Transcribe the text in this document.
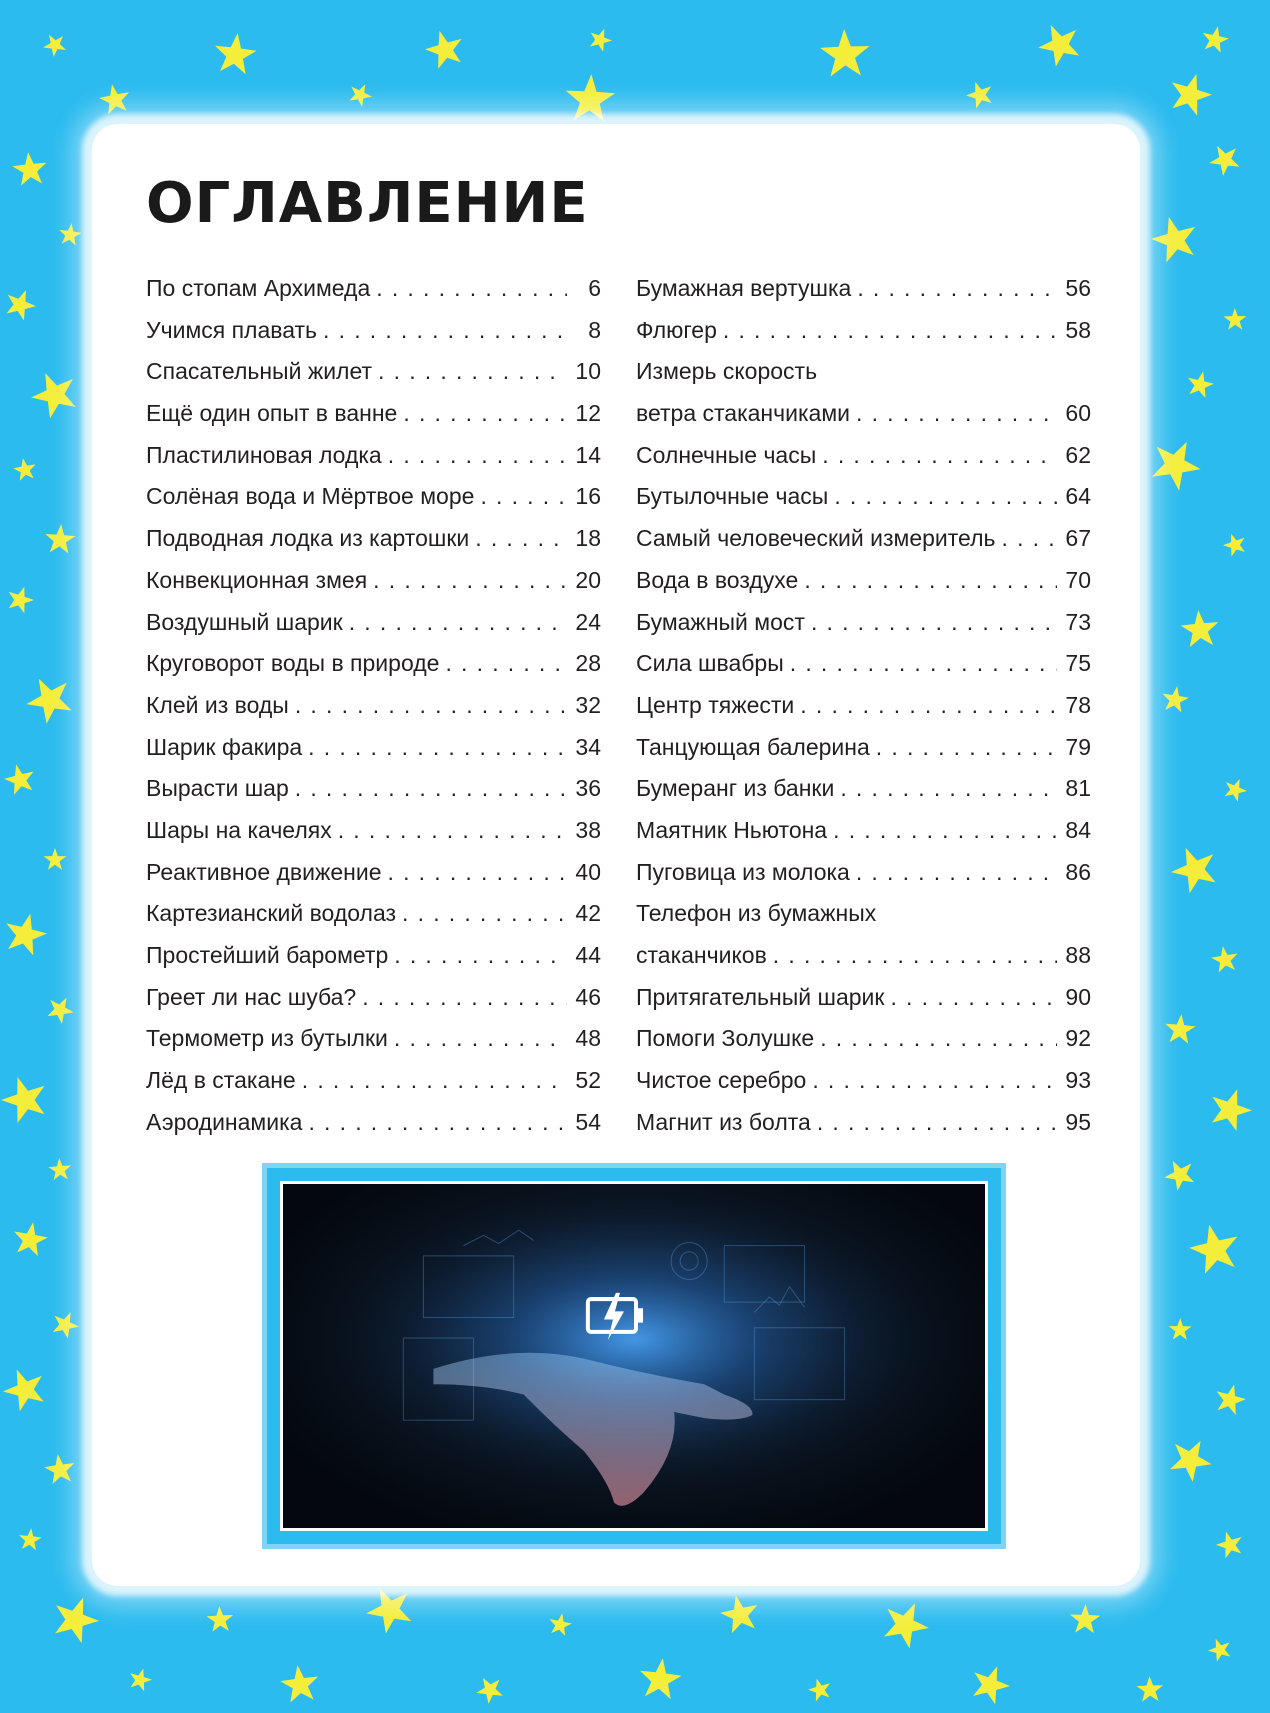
ОГЛАВЛЕНИЕ
По стопам Архимеда . . .	6
Учимся плавать . . .	8
Спасательный жилет . . .	10
Ещё один опыт в ванне . . .	12
Пластилиновая лодка . . .	14
Солёная вода и Мёртвое море . . .	16
Подводная лодка из картошки . . .	18
Конвекционная змея . . .	20
Воздушный шарик . . .	24
Круговорот воды в природе . . .	28
Клей из воды . . .	32
Шарик факира . . .	34
Вырасти шар . . .	36
Шары на качелях . . .	38
Реактивное движение . . .	40
Картезианский водолаз . . .	42
Простейший барометр . . .	44
Греет ли нас шуба? . . .	46
Термометр из бутылки . . .	48
Лёд в стакане . . .	52
Аэродинамика . . .	54
Бумажная вертушка . . .	56
Флюгер . . .	58
Измерь скорость
ветра стаканчиками . . .	60
Солнечные часы . . .	62
Бутылочные часы . . .	64
Самый человеческий измеритель . . .	67
Вода в воздухе . . .	70
Бумажный мост . . .	73
Сила швабры . . .	75
Центр тяжести . . .	78
Танцующая балерина . . .	79
Бумеранг из банки . . .	81
Маятник Ньютона . . .	84
Пуговица из молока . . .	86
Телефон из бумажных
стаканчиков . . .	88
Притягательный шарик . . .	90
Помоги Золушке . . .	92
Чистое серебро . . .	93
Магнит из болта . . .	95
